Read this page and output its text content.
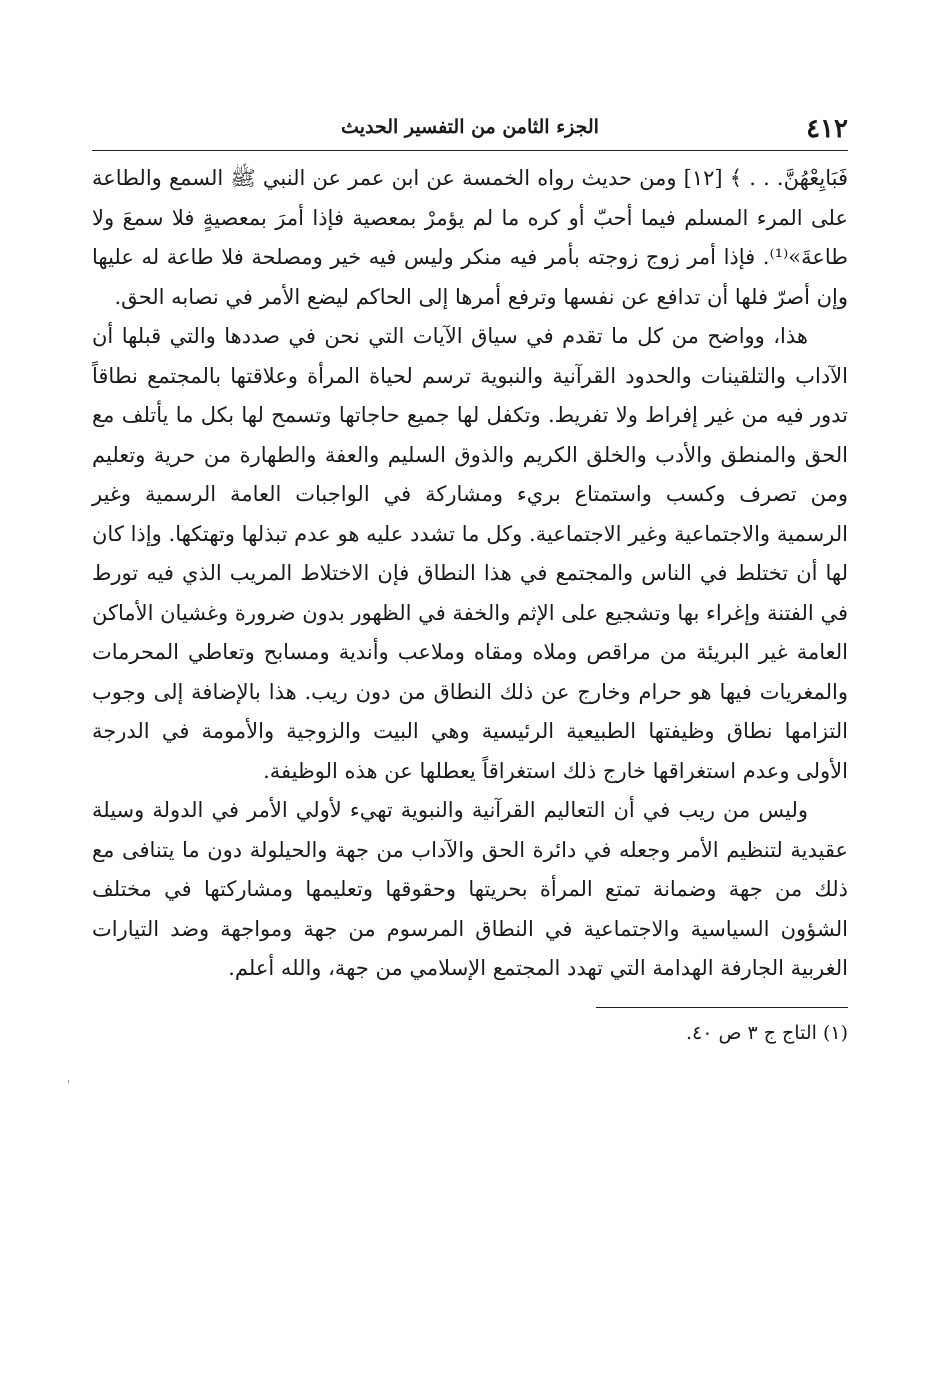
٤١٢
الجزء الثامن من التفسير الحديث

فَبَايِعْهُنَّ. . . ﴾ [١٢] ومن حديث رواه الخمسة عن ابن عمر عن النبي ﷺ السمع والطاعة على المرء المسلم فيما أحبّ أو كره ما لم يؤمرْ بمعصية فإذا أمرَ بمعصيةٍ فلا سمعَ ولا طاعةَ»⁽¹⁾. فإذا أمر زوج زوجته بأمر فيه منكر وليس فيه خير ومصلحة فلا طاعة له عليها وإن أصرّ فلها أن تدافع عن نفسها وترفع أمرها إلى الحاكم ليضع الأمر في نصابه الحق.

هذا، وواضح من كل ما تقدم في سياق الآيات التي نحن في صددها والتي قبلها أن الآداب والتلقينات والحدود القرآنية والنبوية ترسم لحياة المرأة وعلاقتها بالمجتمع نطاقاً تدور فيه من غير إفراط ولا تفريط. وتكفل لها جميع حاجاتها وتسمح لها بكل ما يأتلف مع الحق والمنطق والأدب والخلق الكريم والذوق السليم والعفة والطهارة من حرية وتعليم ومن تصرف وكسب واستمتاع بريء ومشاركة في الواجبات العامة الرسمية وغير الرسمية والاجتماعية وغير الاجتماعية. وكل ما تشدد عليه هو عدم تبذلها وتهتكها. وإذا كان لها أن تختلط في الناس والمجتمع في هذا النطاق فإن الاختلاط المريب الذي فيه تورط في الفتنة وإغراء بها وتشجيع على الإثم والخفة في الظهور بدون ضرورة وغشيان الأماكن العامة غير البريئة من مراقص وملاه ومقاه وملاعب وأندية ومسابح وتعاطي المحرمات والمغريات فيها هو حرام وخارج عن ذلك النطاق من دون ريب. هذا بالإضافة إلى وجوب التزامها نطاق وظيفتها الطبيعية الرئيسية وهي البيت والزوجية والأمومة في الدرجة الأولى وعدم استغراقها خارج ذلك استغراقاً يعطلها عن هذه الوظيفة.

وليس من ريب في أن التعاليم القرآنية والنبوية تهيء لأولي الأمر في الدولة وسيلة عقيدية لتنظيم الأمر وجعله في دائرة الحق والآداب من جهة والحيلولة دون ما يتنافى مع ذلك من جهة وضمانة تمتع المرأة بحريتها وحقوقها وتعليمها ومشاركتها في مختلف الشؤون السياسية والاجتماعية في النطاق المرسوم من جهة ومواجهة وضد التيارات الغربية الجارفة الهدامة التي تهدد المجتمع الإسلامي من جهة، والله أعلم.

(١) التاج ج ٣ ص ٤٠.
